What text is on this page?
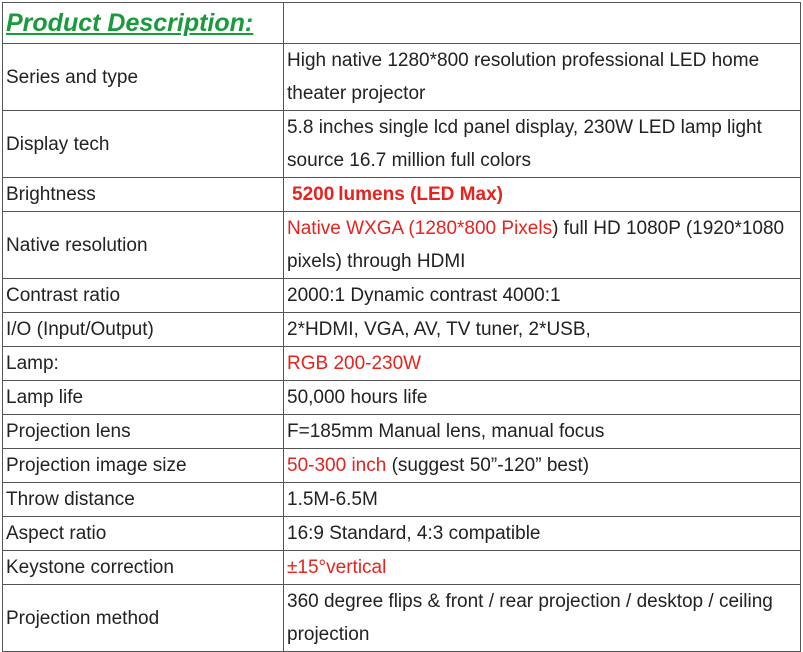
Product Description:	
Series and type	High native 1280*800 resolution professional LED home theater projector
Display tech	5.8 inches single lcd panel display, 230W LED lamp light source 16.7 million full colors
Brightness	5200 lumens (LED Max)
Native resolution	Native WXGA (1280*800 Pixels) full HD 1080P (1920*1080 pixels) through HDMI
Contrast ratio	2000:1 Dynamic contrast 4000:1
I/O (Input/Output)	2*HDMI, VGA, AV, TV tuner, 2*USB,
Lamp:	RGB 200-230W
Lamp life	50,000 hours life
Projection lens	F=185mm Manual lens, manual focus
Projection image size	50-300 inch (suggest 50”-120” best)
Throw distance	1.5M-6.5M
Aspect ratio	16:9 Standard, 4:3 compatible
Keystone correction	±15°vertical
Projection method	360 degree flips & front / rear projection / desktop / ceiling projection
